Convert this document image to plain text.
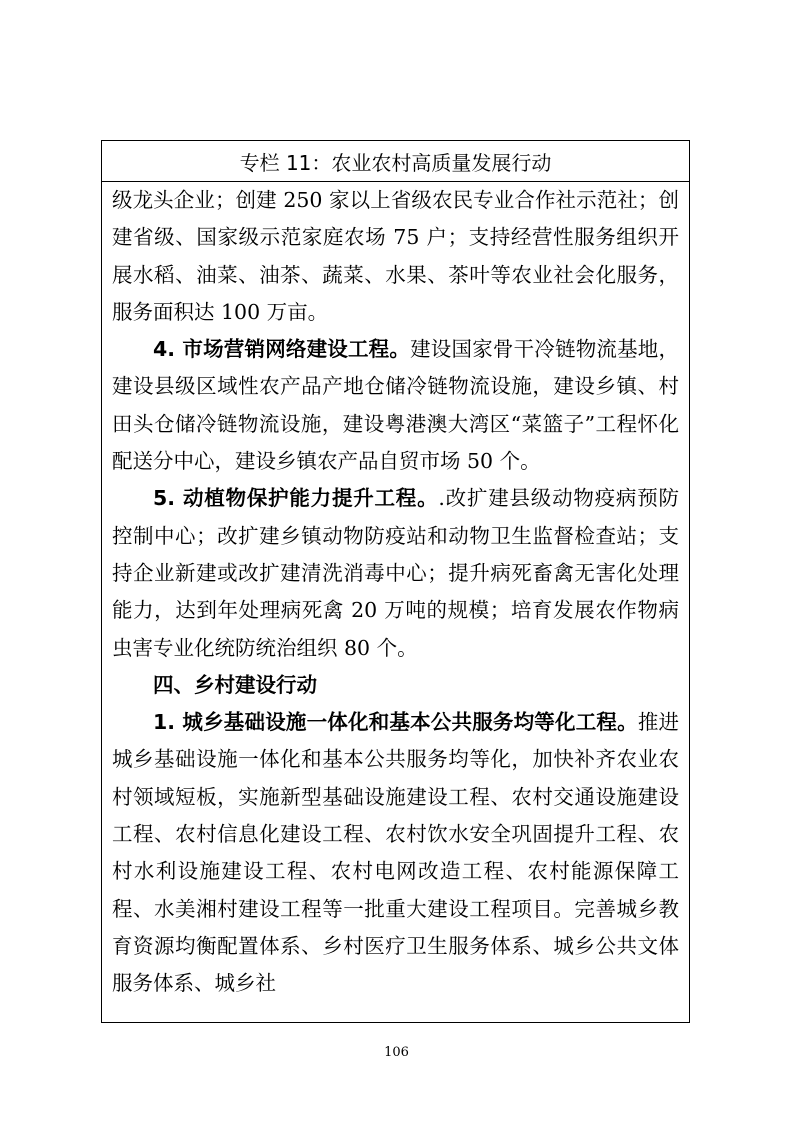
专栏 11：农业农村高质量发展行动

级龙头企业；创建 250 家以上省级农民专业合作社示范社；创建省级、国家级示范家庭农场 75 户；支持经营性服务组织开展水稻、油菜、油茶、蔬菜、水果、茶叶等农业社会化服务，服务面积达 100 万亩。

4. 市场营销网络建设工程。建设国家骨干冷链物流基地，建设县级区域性农产品产地仓储冷链物流设施，建设乡镇、村田头仓储冷链物流设施，建设粤港澳大湾区“菜篮子”工程怀化配送分中心，建设乡镇农产品自贸市场 50 个。

5. 动植物保护能力提升工程。.改扩建县级动物疫病预防控制中心；改扩建乡镇动物防疫站和动物卫生监督检查站；支持企业新建或改扩建清洗消毒中心；提升病死畜禽无害化处理能力，达到年处理病死禽 20 万吨的规模；培育发展农作物病虫害专业化统防统治组织 80 个。

四、乡村建设行动

1. 城乡基础设施一体化和基本公共服务均等化工程。推进城乡基础设施一体化和基本公共服务均等化，加快补齐农业农村领域短板，实施新型基础设施建设工程、农村交通设施建设工程、农村信息化建设工程、农村饮水安全巩固提升工程、农村水利设施建设工程、农村电网改造工程、农村能源保障工程、水美湘村建设工程等一批重大建设工程项目。完善城乡教育资源均衡配置体系、乡村医疗卫生服务体系、城乡公共文体服务体系、城乡社

106
